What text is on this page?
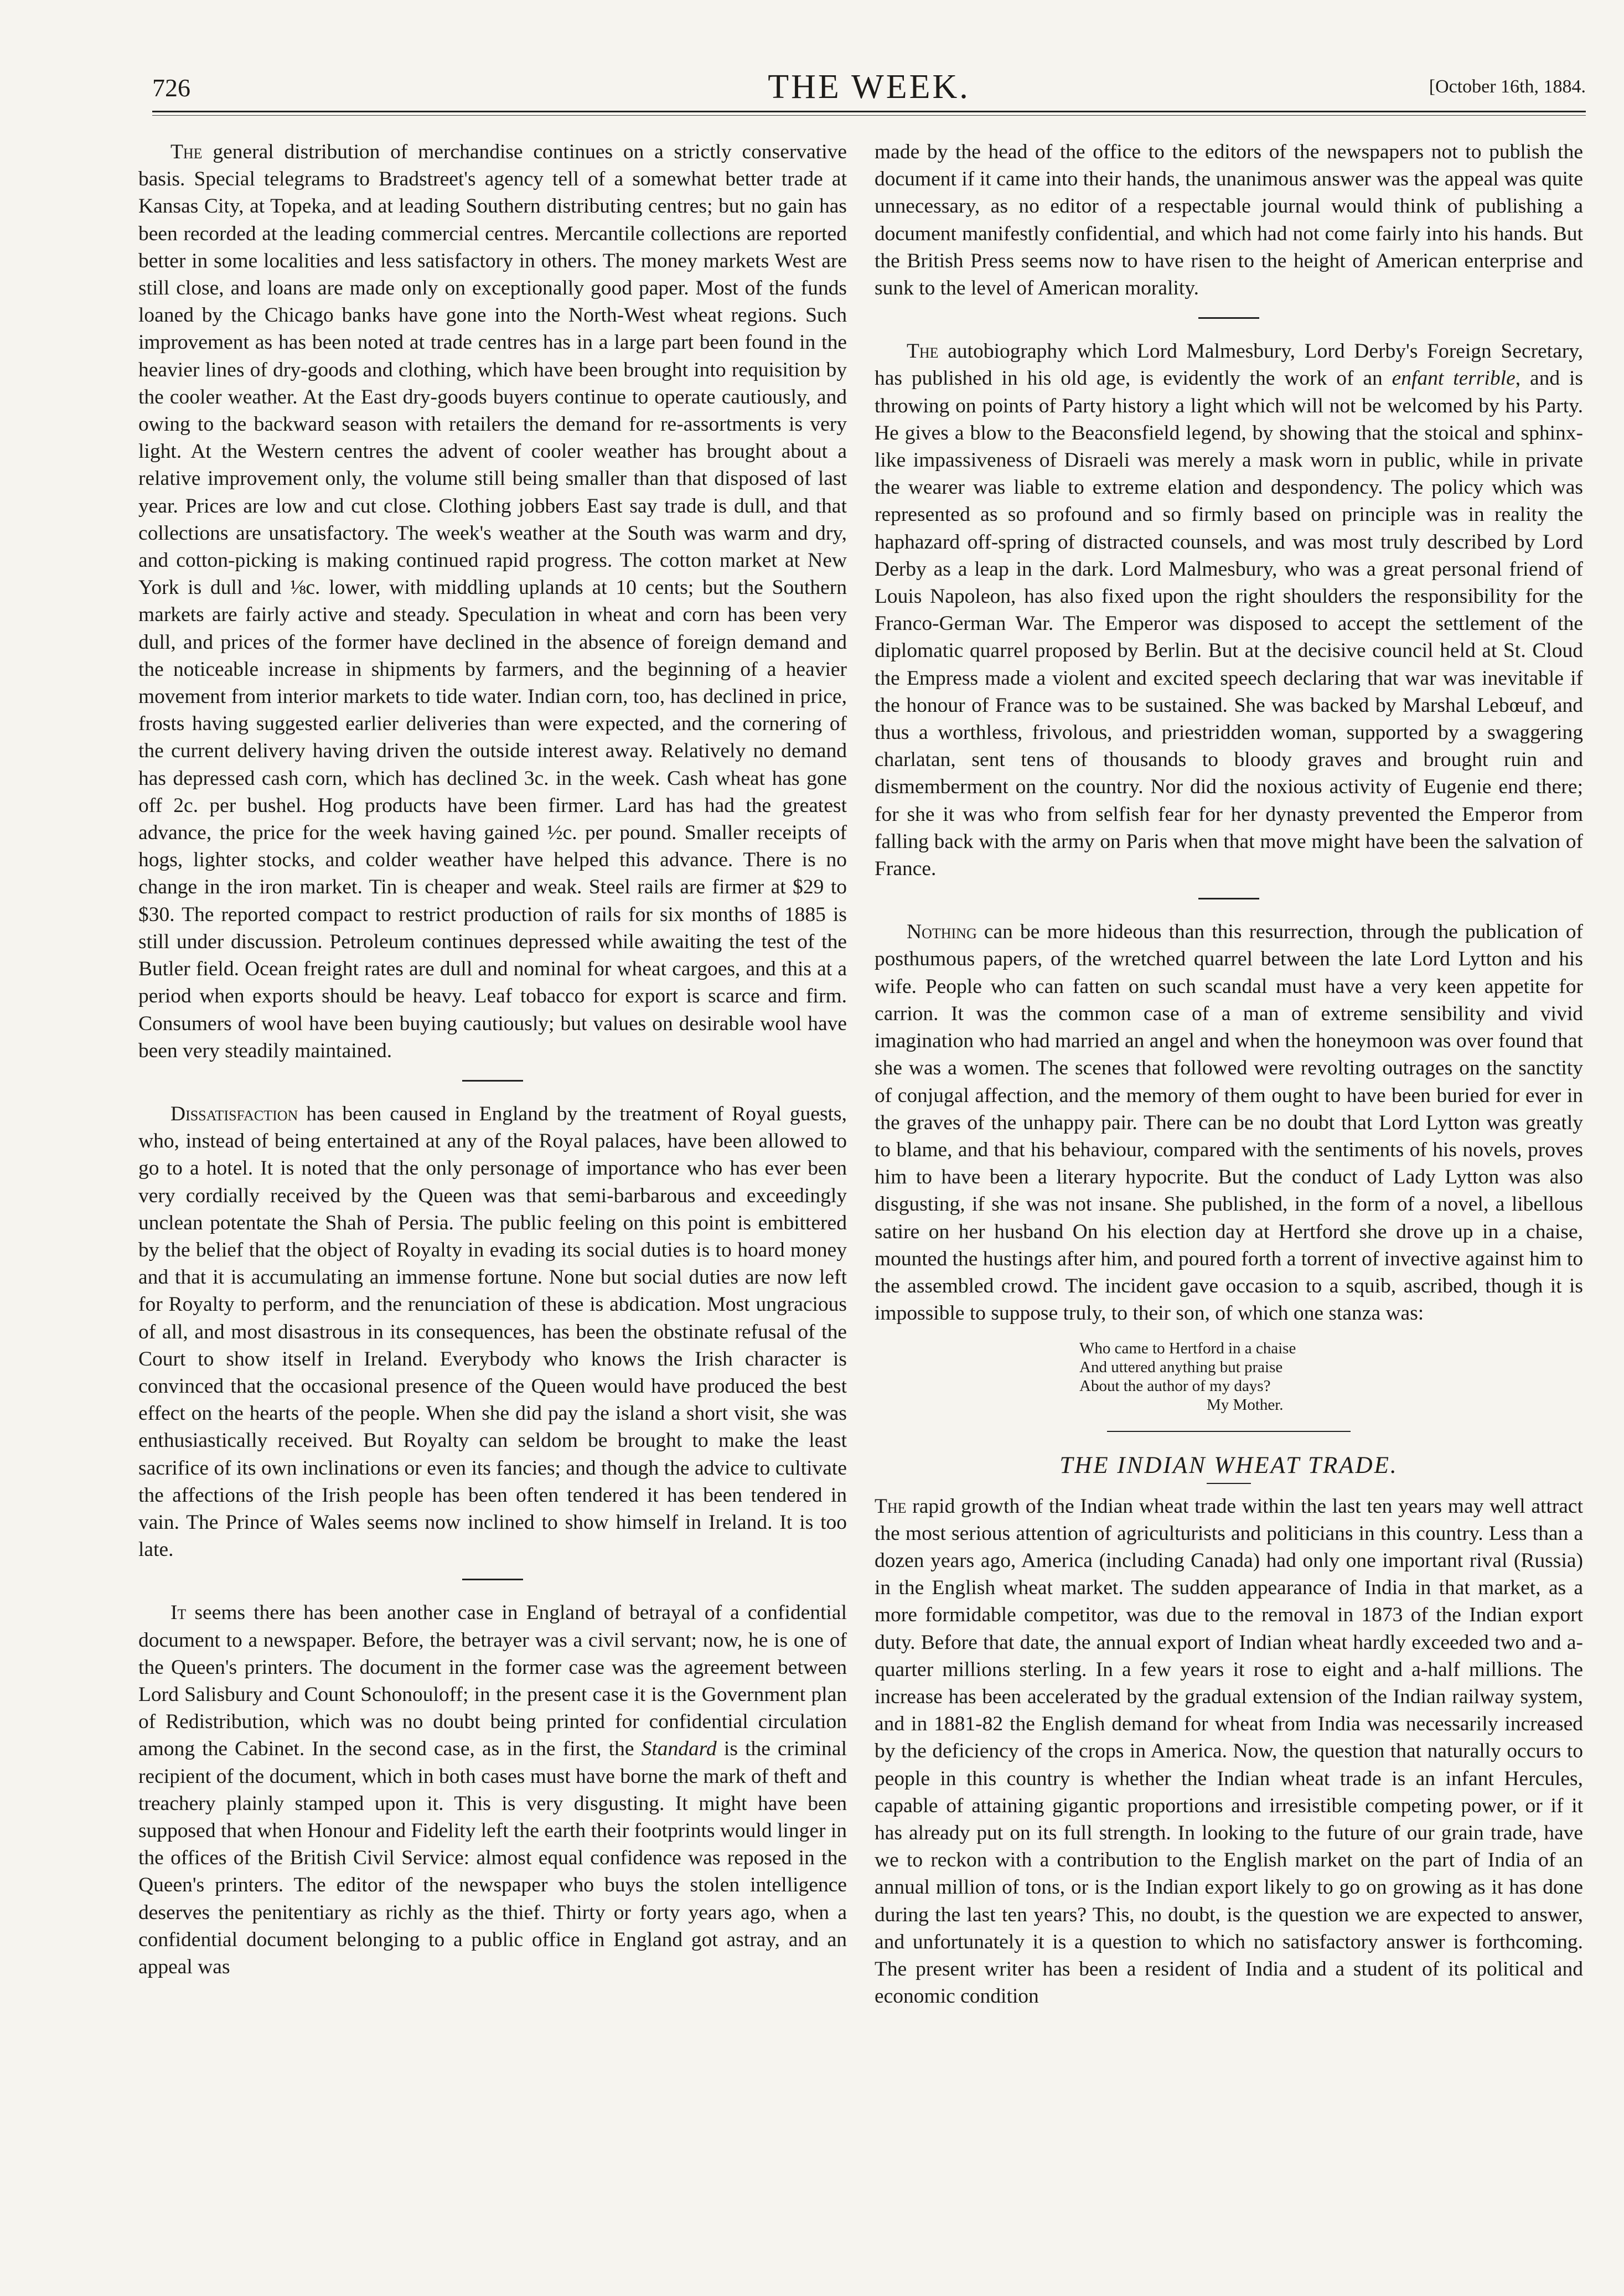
726	THE WEEK.	[October 16th, 1884.

The general distribution of merchandise continues on a strictly conservative basis. Special telegrams to Bradstreet's agency tell of a somewhat better trade at Kansas City, at Topeka, and at leading Southern distributing centres; but no gain has been recorded at the leading commercial centres. Mercantile collections are reported better in some localities and less satisfactory in others. The money markets West are still close, and loans are made only on exceptionally good paper. Most of the funds loaned by the Chicago banks have gone into the North-West wheat regions. Such improvement as has been noted at trade centres has in a large part been found in the heavier lines of dry-goods and clothing, which have been brought into requisition by the cooler weather. At the East dry-goods buyers continue to operate cautiously, and owing to the backward season with retailers the demand for re-assortments is very light. At the Western centres the advent of cooler weather has brought about a relative improvement only, the volume still being smaller than that disposed of last year. Prices are low and cut close. Clothing jobbers East say trade is dull, and that collections are unsatisfactory. The week's weather at the South was warm and dry, and cotton-picking is making continued rapid progress. The cotton market at New York is dull and ⅛c. lower, with middling uplands at 10 cents; but the Southern markets are fairly active and steady. Speculation in wheat and corn has been very dull, and prices of the former have declined in the absence of foreign demand and the noticeable increase in shipments by farmers, and the beginning of a heavier movement from interior markets to tide water. Indian corn, too, has declined in price, frosts having suggested earlier deliveries than were expected, and the cornering of the current delivery having driven the outside interest away. Relatively no demand has depressed cash corn, which has declined 3c. in the week. Cash wheat has gone off 2c. per bushel. Hog products have been firmer. Lard has had the greatest advance, the price for the week having gained ½c. per pound. Smaller receipts of hogs, lighter stocks, and colder weather have helped this advance. There is no change in the iron market. Tin is cheaper and weak. Steel rails are firmer at $29 to $30. The reported compact to restrict production of rails for six months of 1885 is still under discussion. Petroleum continues depressed while awaiting the test of the Butler field. Ocean freight rates are dull and nominal for wheat cargoes, and this at a period when exports should be heavy. Leaf tobacco for export is scarce and firm. Consumers of wool have been buying cautiously; but values on desirable wool have been very steadily maintained.

Dissatisfaction has been caused in England by the treatment of Royal guests, who, instead of being entertained at any of the Royal palaces, have been allowed to go to a hotel. It is noted that the only personage of importance who has ever been very cordially received by the Queen was that semi-barbarous and exceedingly unclean potentate the Shah of Persia. The public feeling on this point is embittered by the belief that the object of Royalty in evading its social duties is to hoard money and that it is accumulating an immense fortune. None but social duties are now left for Royalty to perform, and the renunciation of these is abdication. Most ungracious of all, and most disastrous in its consequences, has been the obstinate refusal of the Court to show itself in Ireland. Everybody who knows the Irish character is convinced that the occasional presence of the Queen would have produced the best effect on the hearts of the people. When she did pay the island a short visit, she was enthusiastically received. But Royalty can seldom be brought to make the least sacrifice of its own inclinations or even its fancies; and though the advice to cultivate the affections of the Irish people has been often tendered it has been tendered in vain. The Prince of Wales seems now inclined to show himself in Ireland. It is too late.

It seems there has been another case in England of betrayal of a confidential document to a newspaper. Before, the betrayer was a civil servant; now, he is one of the Queen's printers. The document in the former case was the agreement between Lord Salisbury and Count Schonouloff; in the present case it is the Government plan of Redistribution, which was no doubt being printed for confidential circulation among the Cabinet. In the second case, as in the first, the Standard is the criminal recipient of the document, which in both cases must have borne the mark of theft and treachery plainly stamped upon it. This is very disgusting. It might have been supposed that when Honour and Fidelity left the earth their footprints would linger in the offices of the British Civil Service: almost equal confidence was reposed in the Queen's printers. The editor of the newspaper who buys the stolen intelligence deserves the penitentiary as richly as the thief. Thirty or forty years ago, when a confidential document belonging to a public office in England got astray, and an appeal was

made by the head of the office to the editors of the newspapers not to publish the document if it came into their hands, the unanimous answer was the appeal was quite unnecessary, as no editor of a respectable journal would think of publishing a document manifestly confidential, and which had not come fairly into his hands. But the British Press seems now to have risen to the height of American enterprise and sunk to the level of American morality.

The autobiography which Lord Malmesbury, Lord Derby's Foreign Secretary, has published in his old age, is evidently the work of an enfant terrible, and is throwing on points of Party history a light which will not be welcomed by his Party. He gives a blow to the Beaconsfield legend, by showing that the stoical and sphinx-like impassiveness of Disraeli was merely a mask worn in public, while in private the wearer was liable to extreme elation and despondency. The policy which was represented as so profound and so firmly based on principle was in reality the haphazard off-spring of distracted counsels, and was most truly described by Lord Derby as a leap in the dark. Lord Malmesbury, who was a great personal friend of Louis Napoleon, has also fixed upon the right shoulders the responsibility for the Franco-German War. The Emperor was disposed to accept the settlement of the diplomatic quarrel proposed by Berlin. But at the decisive council held at St. Cloud the Empress made a violent and excited speech declaring that war was inevitable if the honour of France was to be sustained. She was backed by Marshal Lebœuf, and thus a worthless, frivolous, and priestridden woman, supported by a swaggering charlatan, sent tens of thousands to bloody graves and brought ruin and dismemberment on the country. Nor did the noxious activity of Eugenie end there; for she it was who from selfish fear for her dynasty prevented the Emperor from falling back with the army on Paris when that move might have been the salvation of France.

Nothing can be more hideous than this resurrection, through the publication of posthumous papers, of the wretched quarrel between the late Lord Lytton and his wife. People who can fatten on such scandal must have a very keen appetite for carrion. It was the common case of a man of extreme sensibility and vivid imagination who had married an angel and when the honeymoon was over found that she was a women. The scenes that followed were revolting outrages on the sanctity of conjugal affection, and the memory of them ought to have been buried for ever in the graves of the unhappy pair. There can be no doubt that Lord Lytton was greatly to blame, and that his behaviour, compared with the sentiments of his novels, proves him to have been a literary hypocrite. But the conduct of Lady Lytton was also disgusting, if she was not insane. She published, in the form of a novel, a libellous satire on her husband On his election day at Hertford she drove up in a chaise, mounted the hustings after him, and poured forth a torrent of invective against him to the assembled crowd. The incident gave occasion to a squib, ascribed, though it is impossible to suppose truly, to their son, of which one stanza was:

Who came to Hertford in a chaise
And uttered anything but praise
About the author of my days?
My Mother.
THE INDIAN WHEAT TRADE.

The rapid growth of the Indian wheat trade within the last ten years may well attract the most serious attention of agriculturists and politicians in this country. Less than a dozen years ago, America (including Canada) had only one important rival (Russia) in the English wheat market. The sudden appearance of India in that market, as a more formidable competitor, was due to the removal in 1873 of the Indian export duty. Before that date, the annual export of Indian wheat hardly exceeded two and a-quarter millions sterling. In a few years it rose to eight and a-half millions. The increase has been accelerated by the gradual extension of the Indian railway system, and in 1881-82 the English demand for wheat from India was necessarily increased by the deficiency of the crops in America. Now, the question that naturally occurs to people in this country is whether the Indian wheat trade is an infant Hercules, capable of attaining gigantic proportions and irresistible competing power, or if it has already put on its full strength. In looking to the future of our grain trade, have we to reckon with a contribution to the English market on the part of India of an annual million of tons, or is the Indian export likely to go on growing as it has done during the last ten years? This, no doubt, is the question we are expected to answer, and unfortunately it is a question to which no satisfactory answer is forthcoming. The present writer has been a resident of India and a student of its political and economic condition
